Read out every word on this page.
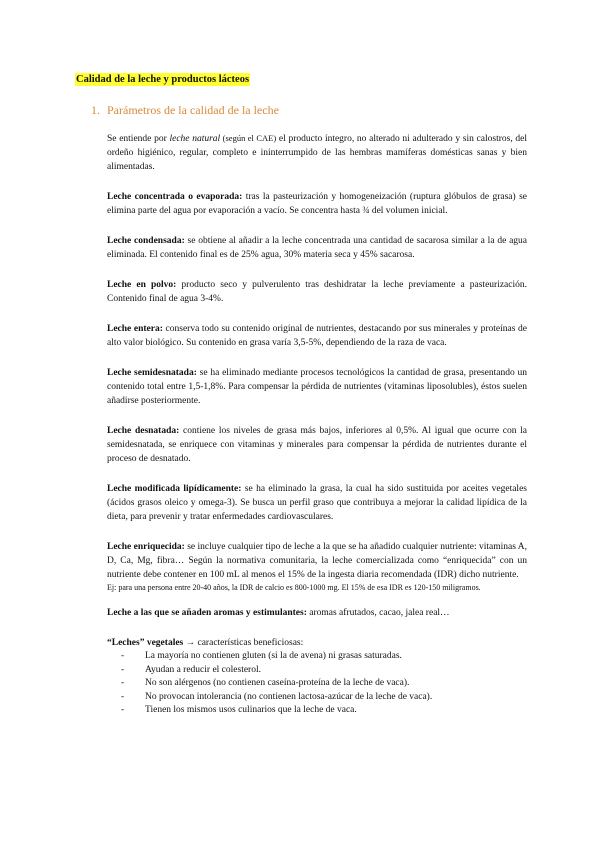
Calidad de la leche y productos lácteos
1. Parámetros de la calidad de la leche

Se entiende por leche natural (según el CAE) el producto íntegro, no alterado ni adulterado y sin calostros, del ordeño higiénico, regular, completo e ininterrumpido de las hembras mamíferas domésticas sanas y bien alimentadas.

Leche concentrada o evaporada: tras la pasteurización y homogeneización (ruptura glóbulos de grasa) se elimina parte del agua por evaporación a vacío. Se concentra hasta ¾ del volumen inicial.

Leche condensada: se obtiene al añadir a la leche concentrada una cantidad de sacarosa similar a la de agua eliminada. El contenido final es de 25% agua, 30% materia seca y 45% sacarosa.

Leche en polvo: producto seco y pulverulento tras deshidratar la leche previamente a pasteurización. Contenido final de agua 3-4%.

Leche entera: conserva todo su contenido original de nutrientes, destacando por sus minerales y proteínas de alto valor biológico. Su contenido en grasa varía 3,5-5%, dependiendo de la raza de vaca.

Leche semidesnatada: se ha eliminado mediante procesos tecnológicos la cantidad de grasa, presentando un contenido total entre 1,5-1,8%. Para compensar la pérdida de nutrientes (vitaminas liposolubles), éstos suelen añadirse posteriormente.

Leche desnatada: contiene los niveles de grasa más bajos, inferiores al 0,5%. Al igual que ocurre con la semidesnatada, se enriquece con vitaminas y minerales para compensar la pérdida de nutrientes durante el proceso de desnatado.

Leche modificada lipídicamente: se ha eliminado la grasa, la cual ha sido sustituida por aceites vegetales (ácidos grasos oleico y omega-3). Se busca un perfil graso que contribuya a mejorar la calidad lipídica de la dieta, para prevenir y tratar enfermedades cardiovasculares.

Leche enriquecida: se incluye cualquier tipo de leche a la que se ha añadido cualquier nutriente: vitaminas A, D, Ca, Mg, fibra… Según la normativa comunitaria, la leche comercializada como “enriquecida” con un nutriente debe contener en 100 mL al menos el 15% de la ingesta diaria recomendada (IDR) dicho nutriente.

Ej: para una persona entre 20-40 años, la IDR de calcio es 800-1000 mg. El 15% de esa IDR es 120-150 miligramos.

Leche a las que se añaden aromas y estimulantes: aromas afrutados, cacao, jalea real…

“Leches” vegetales → características beneficiosas:
- La mayoría no contienen gluten (si la de avena) ni grasas saturadas.
- Ayudan a reducir el colesterol.
- No son alérgenos (no contienen caseína-proteína de la leche de vaca).
- No provocan intolerancia (no contienen lactosa-azúcar de la leche de vaca).
- Tienen los mismos usos culinarios que la leche de vaca.
